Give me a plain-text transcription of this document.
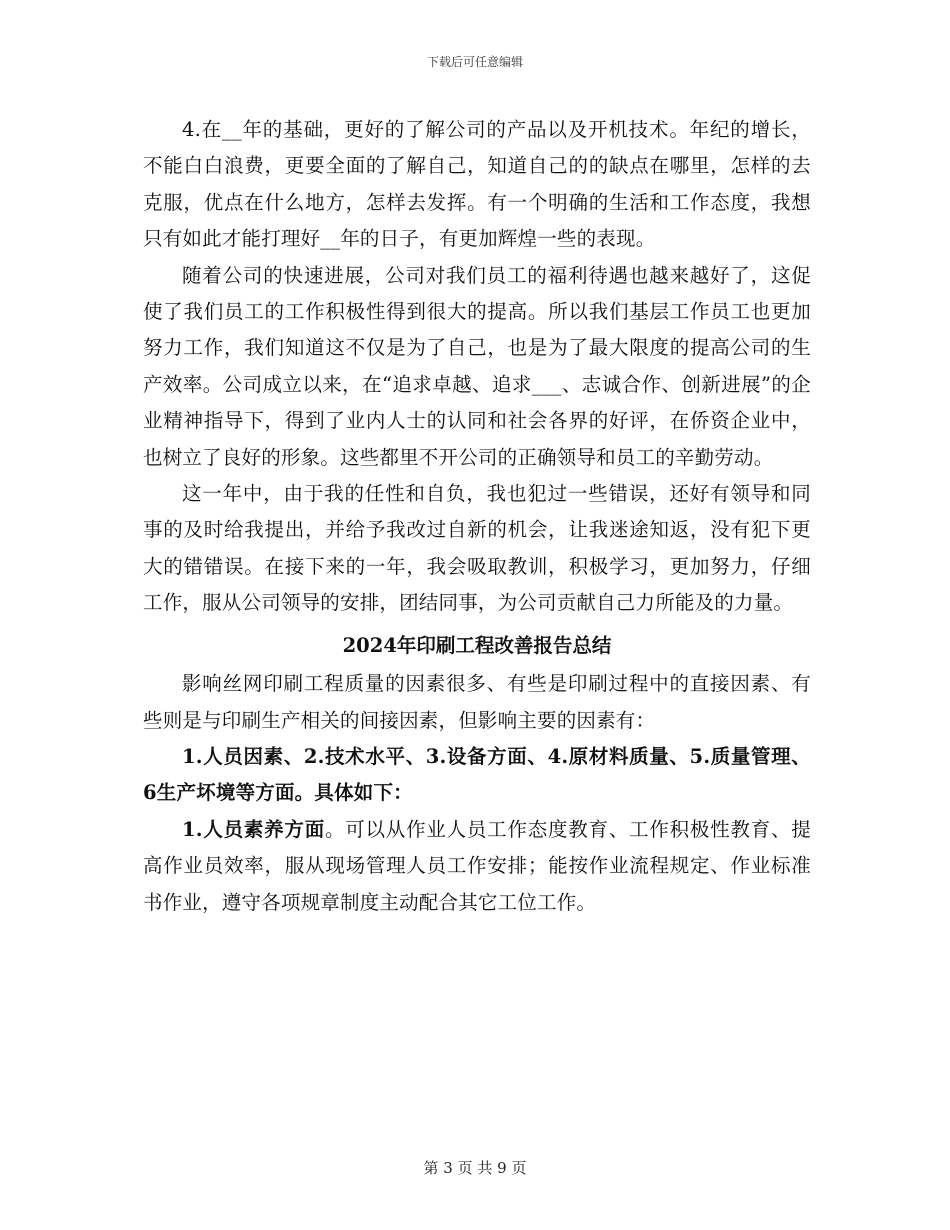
下载后可任意编辑

4.在__年的基础，更好的了解公司的产品以及开机技术。年纪的增长，不能白白浪费，更要全面的了解自己，知道自己的的缺点在哪里，怎样的去克服，优点在什么地方，怎样去发挥。有一个明确的生活和工作态度，我想只有如此才能打理好__年的日子，有更加辉煌一些的表现。

随着公司的快速进展，公司对我们员工的福利待遇也越来越好了，这促使了我们员工的工作积极性得到很大的提高。所以我们基层工作员工也更加努力工作，我们知道这不仅是为了自己，也是为了最大限度的提高公司的生产效率。公司成立以来，在“追求卓越、追求___、志诚合作、创新进展”的企业精神指导下，得到了业内人士的认同和社会各界的好评，在侨资企业中，也树立了良好的形象。这些都里不开公司的正确领导和员工的辛勤劳动。

这一年中，由于我的任性和自负，我也犯过一些错误，还好有领导和同事的及时给我提出，并给予我改过自新的机会，让我迷途知返，没有犯下更大的错错误。在接下来的一年，我会吸取教训，积极学习，更加努力，仔细工作，服从公司领导的安排，团结同事，为公司贡献自己力所能及的力量。

2024年印刷工程改善报告总结

影响丝网印刷工程质量的因素很多、有些是印刷过程中的直接因素、有些则是与印刷生产相关的间接因素，但影响主要的因素有：

1.人员因素、2.技术水平、3.设备方面、4.原材料质量、5.质量管理、6生产坏境等方面。具体如下：

1.人员素养方面。可以从作业人员工作态度教育、工作积极性教育、提高作业员效率，服从现场管理人员工作安排；能按作业流程规定、作业标准书作业，遵守各项规章制度主动配合其它工位工作。

第 3 页 共 9 页
